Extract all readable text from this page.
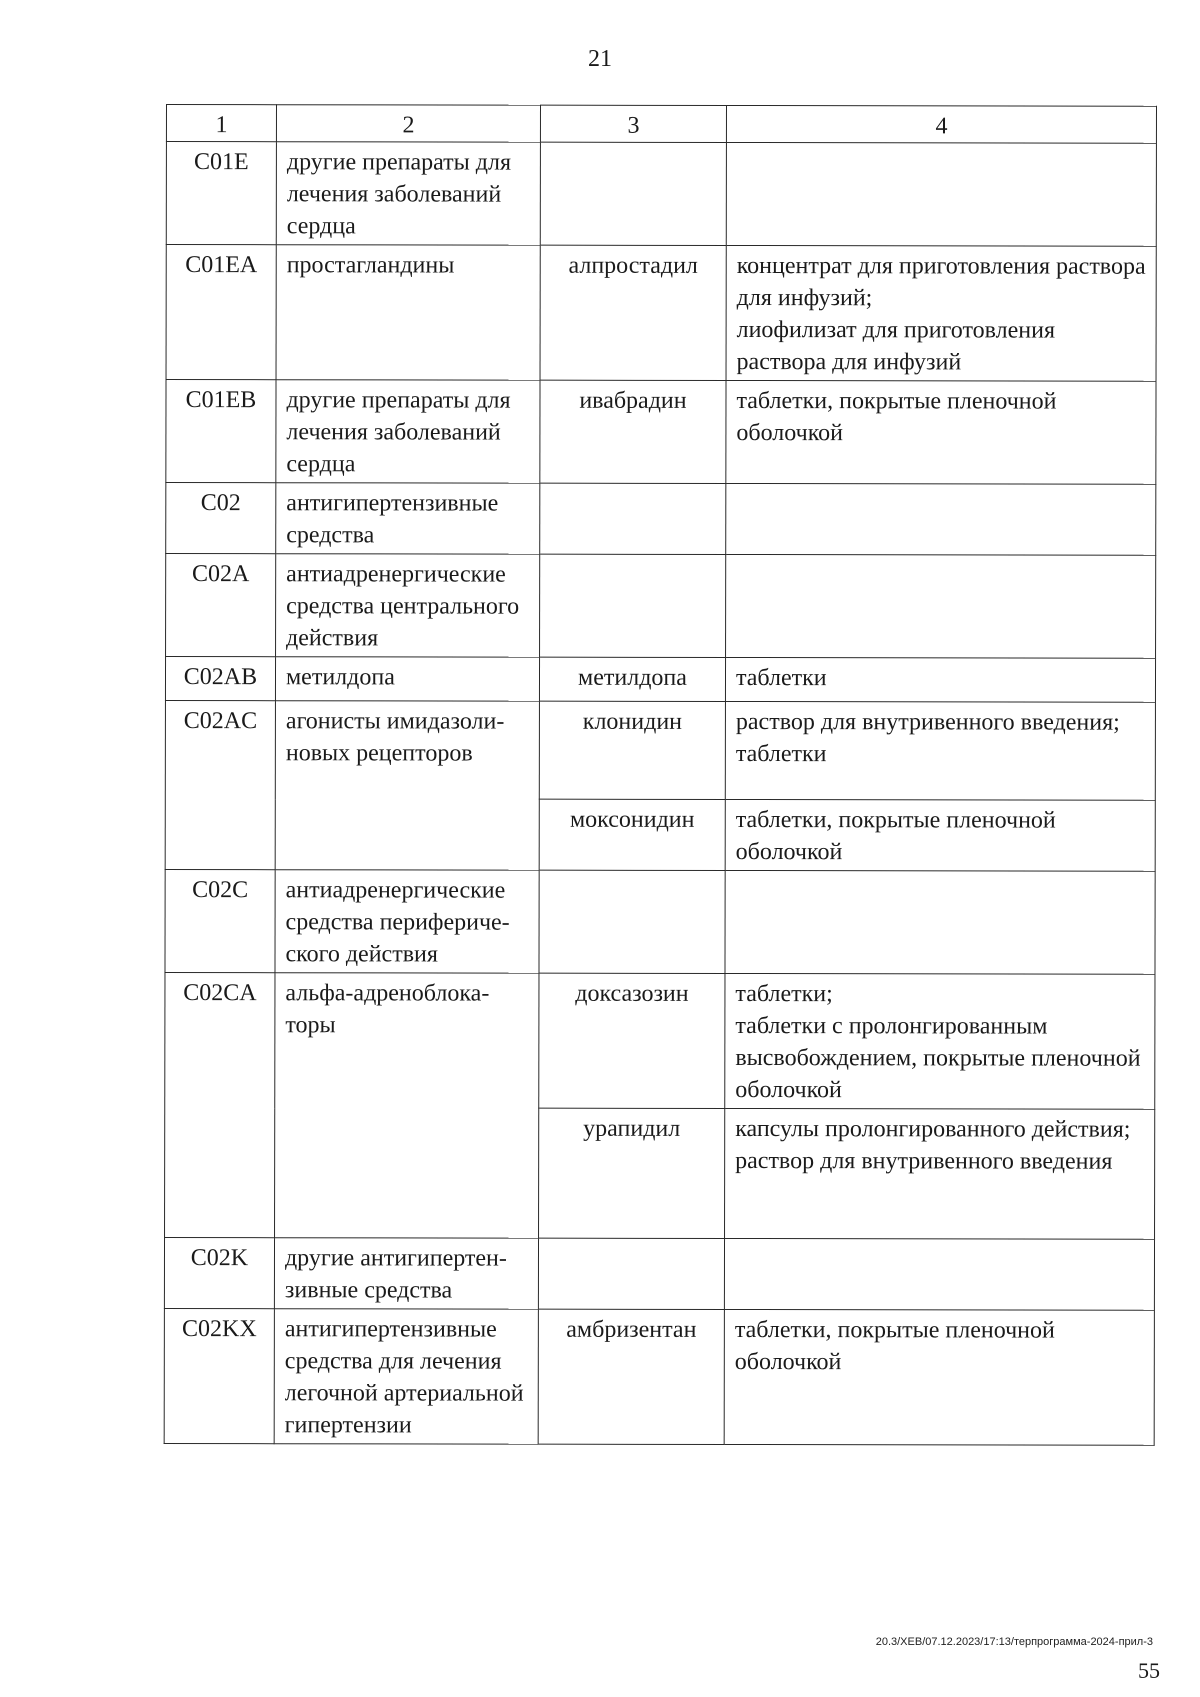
21
1	2	3	4
C01E	другие препараты для лечения заболеваний сердца		
C01EA	простагландины	алпростадил	концентрат для приготовления раствора для инфузий;
лиофилизат для приготовления раствора для инфузий

C01EB	другие препараты для лечения заболеваний сердца	ивабрадин	таблетки, покрытые пленочной оболочкой

C02	антигипертензивные средства		
C02A	антиадренергические средства центрального действия		
C02AB	метилдопа	метилдопа	таблетки

C02AC	агонисты имидазоли-новых рецепторов	клонидин	раствор для внутривенного введения;
таблетки

		моксонидин	таблетки, покрытые пленочной оболочкой

C02C	антиадренергические средства перифериче-ского действия		
C02CA	альфа-адреноблока-торы	доксазозин	таблетки;
таблетки с пролонгированным высвобождением, покрытые пленочной оболочкой

		урапидил	капсулы пролонгированного действия;
раствор для внутривенного введения

C02K	другие антигипертен-зивные средства		
C02KX	антигипертензивные средства для лечения легочной артериальной гипертензии	амбризентан	таблетки, покрытые пленочной оболочкой
20.3/ХЕВ/07.12.2023/17:13/терпрограмма-2024-прил-3
55
